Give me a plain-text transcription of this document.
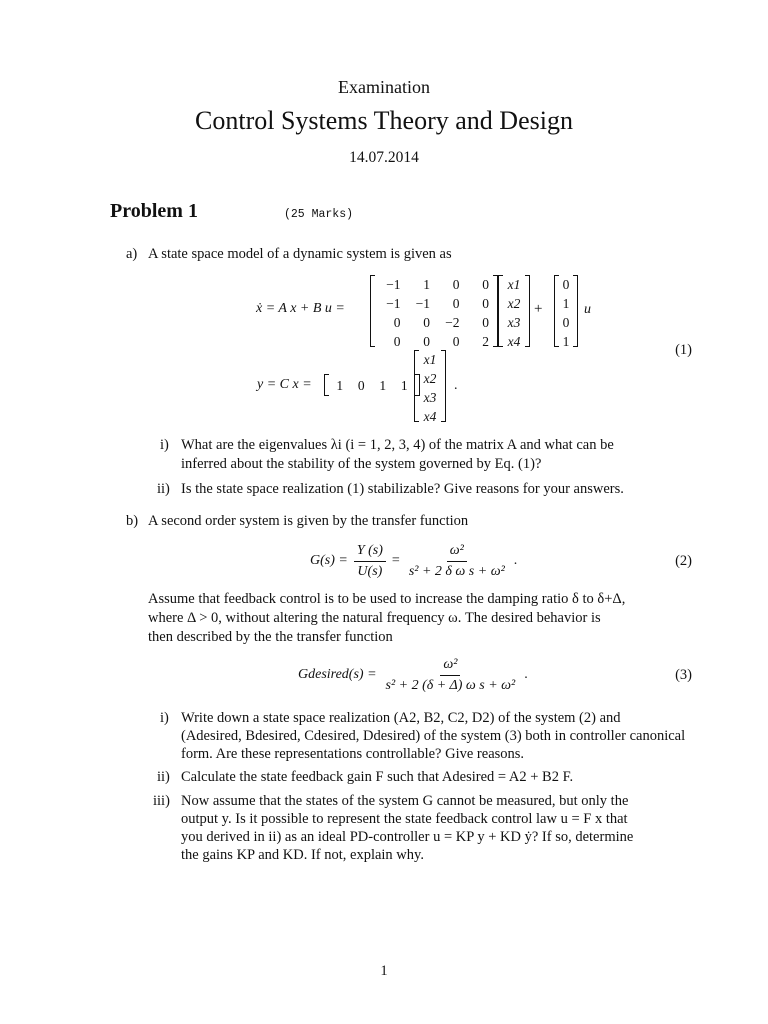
Examination
Control Systems Theory and Design
14.07.2014
Problem 1	(25 Marks)
a) A state space model of a dynamic system is given as
ẋ = A x + B u =
−1	1	0	0
−1	−1	0	0
0	0	−2	0
0	0	0	2
x1
x2
x3
x4
+
0
1
0
1
u
(1)
y = C x =	1	0	1	1
x1
x2
x3
x4
.
i) What are the eigenvalues λi (i = 1, 2, 3, 4) of the matrix A and what can be
inferred about the stability of the system governed by Eq. (1)?
ii) Is the state space realization (1) stabilizable? Give reasons for your answers.
b) A second order system is given by the transfer function
$G(s) = \frac{Y (s)}{U(s)} = \frac{\text{ω²}}{\text{s² + 2 δ ω s + ω²}}$ .	(2)
Assume that feedback control is to be used to increase the damping ratio δ to δ+Δ,
where Δ > 0, without altering the natural frequency ω. The desired behavior is
then described by the the transfer function
Gdesired(s) = $\frac{\text{ω²}}{\text{s² + 2 (δ + Δ) ω s + ω²}}$ .	(3)
i) Write down a state space realization (A2, B2, C2, D2) of the system (2) and
(Adesired, Bdesired, Cdesired, Ddesired) of the system (3) both in controller canonical
form. Are these representations controllable? Give reasons.
ii) Calculate the state feedback gain F such that Adesired = A2 + B2 F.
iii) Now assume that the states of the system G cannot be measured, but only the
output y. Is it possible to represent the state feedback control law u = F x that
you derived in ii) as an ideal PD-controller u = KP y + KD ẏ? If so, determine
the gains KP and KD. If not, explain why.
1
